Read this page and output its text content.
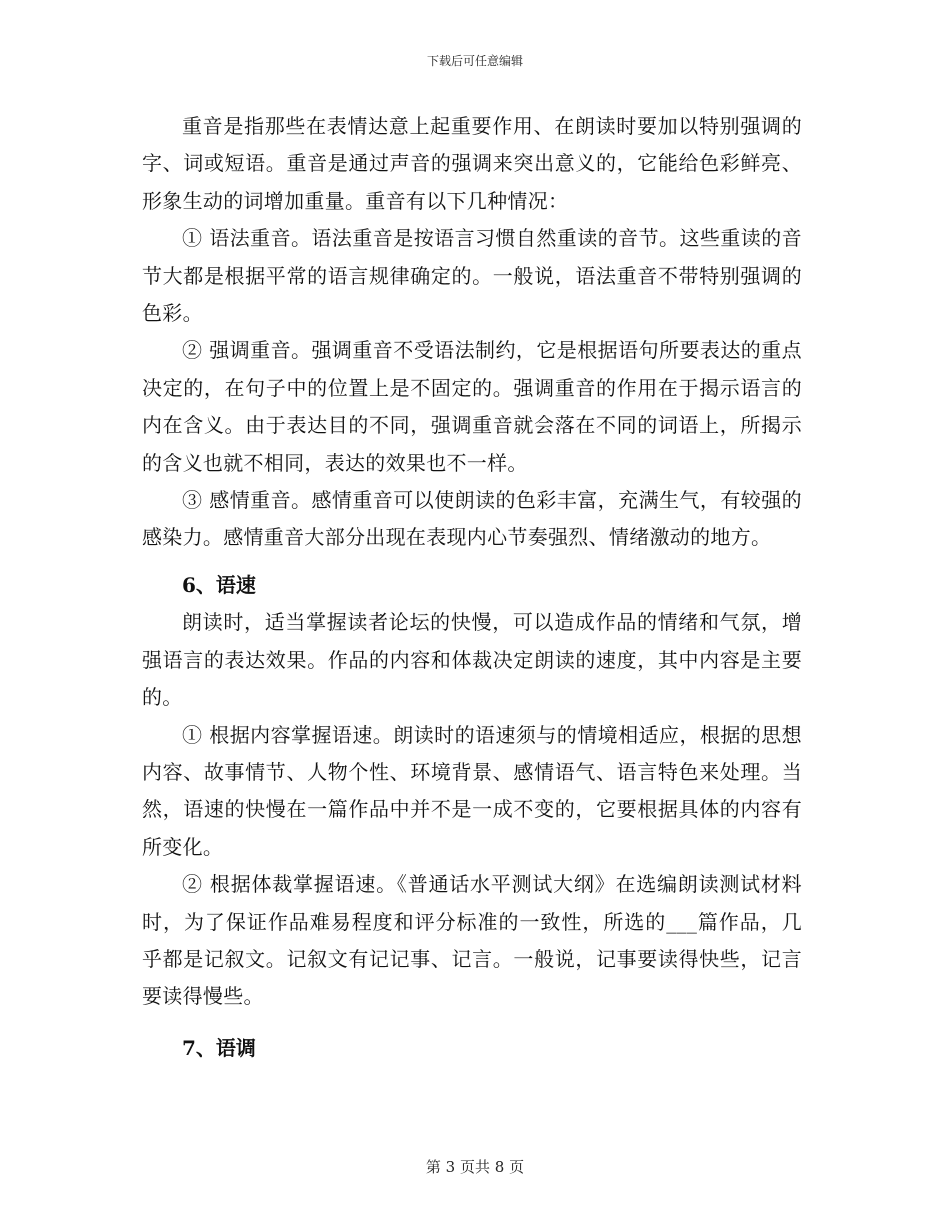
下载后可任意编辑

重音是指那些在表情达意上起重要作用、在朗读时要加以特别强调的字、词或短语。重音是通过声音的强调来突出意义的，它能给色彩鲜亮、形象生动的词增加重量。重音有以下几种情况：

① 语法重音。语法重音是按语言习惯自然重读的音节。这些重读的音节大都是根据平常的语言规律确定的。一般说，语法重音不带特别强调的色彩。

② 强调重音。强调重音不受语法制约，它是根据语句所要表达的重点决定的，在句子中的位置上是不固定的。强调重音的作用在于揭示语言的内在含义。由于表达目的不同，强调重音就会落在不同的词语上，所揭示的含义也就不相同，表达的效果也不一样。

③ 感情重音。感情重音可以使朗读的色彩丰富，充满生气，有较强的感染力。感情重音大部分出现在表现内心节奏强烈、情绪激动的地方。

6、语速

朗读时，适当掌握读者论坛的快慢，可以造成作品的情绪和气氛，增强语言的表达效果。作品的内容和体裁决定朗读的速度，其中内容是主要的。

① 根据内容掌握语速。朗读时的语速须与的情境相适应，根据的思想内容、故事情节、人物个性、环境背景、感情语气、语言特色来处理。当然，语速的快慢在一篇作品中并不是一成不变的，它要根据具体的内容有所变化。

② 根据体裁掌握语速。《普通话水平测试大纲》在选编朗读测试材料时，为了保证作品难易程度和评分标准的一致性，所选的___篇作品，几乎都是记叙文。记叙文有记记事、记言。一般说，记事要读得快些，记言要读得慢些。

7、语调

第 3 页共 8 页
